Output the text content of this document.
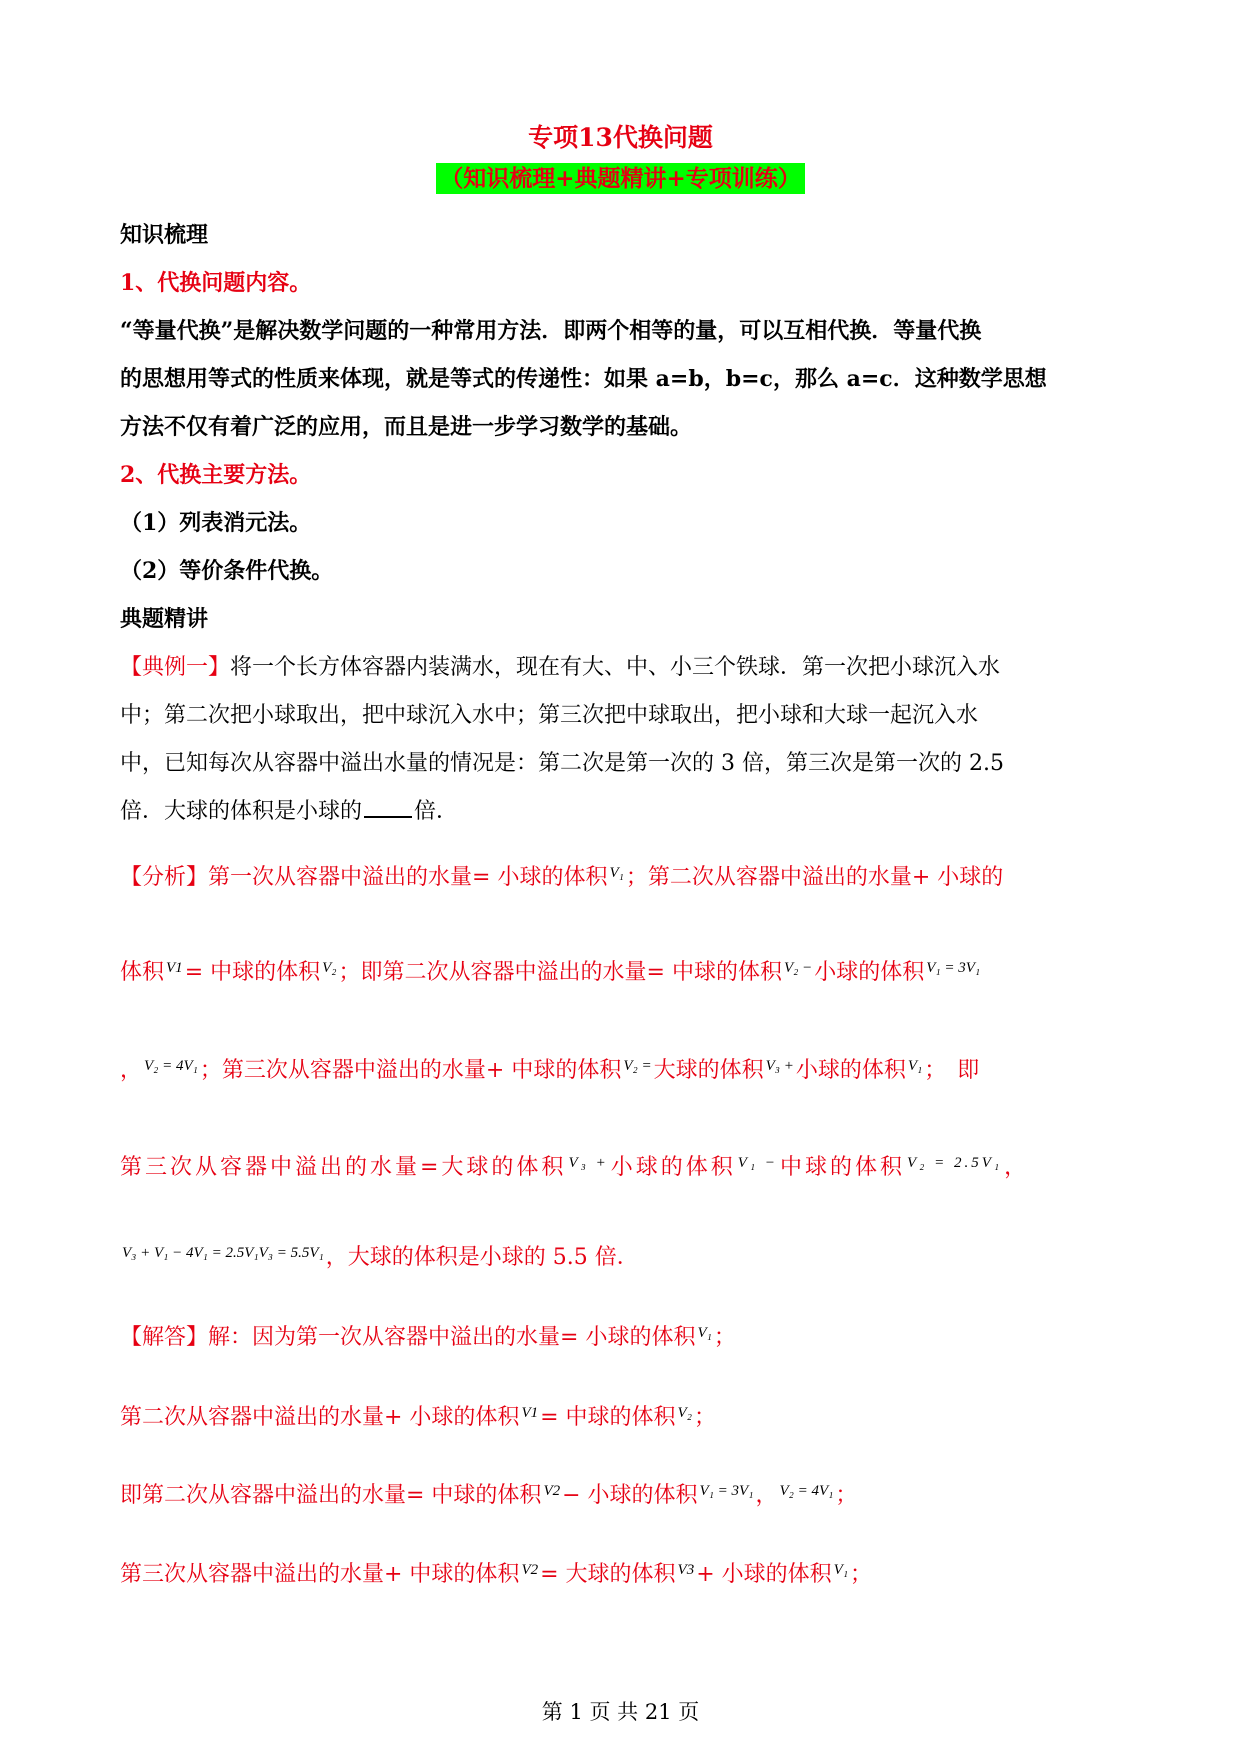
专项13代换问题
（知识梳理+典题精讲+专项训练）
知识梳理
1、代换问题内容。
“等量代换”是解决数学问题的一种常用方法．即两个相等的量，可以互相代换．等量代换
的思想用等式的性质来体现，就是等式的传递性：如果 a=b，b=c，那么 a=c．这种数学思想
方法不仅有着广泛的应用，而且是进一步学习数学的基础。
2、代换主要方法。
（1）列表消元法。
（2）等价条件代换。
典题精讲
【典例一】将一个长方体容器内装满水，现在有大、中、小三个铁球．第一次把小球沉入水
中；第二次把小球取出，把中球沉入水中；第三次把中球取出，把小球和大球一起沉入水
中，已知每次从容器中溢出水量的情况是：第二次是第一次的 3 倍，第三次是第一次的 2.5
倍．大球的体积是小球的 倍．
【分析】第一次从容器中溢出的水量= 小球的体积 $^{V_1}$；第二次从容器中溢出的水量+ 小球的
体积 $^{V1}$= 中球的体积 $^{V_2}$；即第二次从容器中溢出的水量= 中球的体积 $^{V_2 -}$小球的体积 $^{V_1 = 3V_1}$
， $^{V_2 = 4V_1}$；第三次从容器中溢出的水量+ 中球的体积 $^{V_2 =}$大球的体积 $^{V_3 +}$小球的体积 $^{V_1}$；　即
第三次从容器中溢出的水量=大球的体积 $^{V_3 +}$小球的体积 $^{V_1 -}$中球的体积 $^{V_2 = 2.5V_1}$，
$^{V_3 + V_1 - 4V_1 = 2.5V_1V_3 = 5.5V_1}$，大球的体积是小球的 5.5 倍．
【解答】解：因为第一次从容器中溢出的水量= 小球的体积 $^{V_1}$；
第二次从容器中溢出的水量+ 小球的体积 $^{V1}$= 中球的体积 $^{V_2}$；
即第二次从容器中溢出的水量= 中球的体积 $^{V2}$− 小球的体积 $^{V_1 = 3V_1}$， $^{V_2 = 4V_1}$；
第三次从容器中溢出的水量+ 中球的体积 $^{V2}$= 大球的体积 $^{V3}$+ 小球的体积 $^{V_1}$；
第 1 页 共 21 页
